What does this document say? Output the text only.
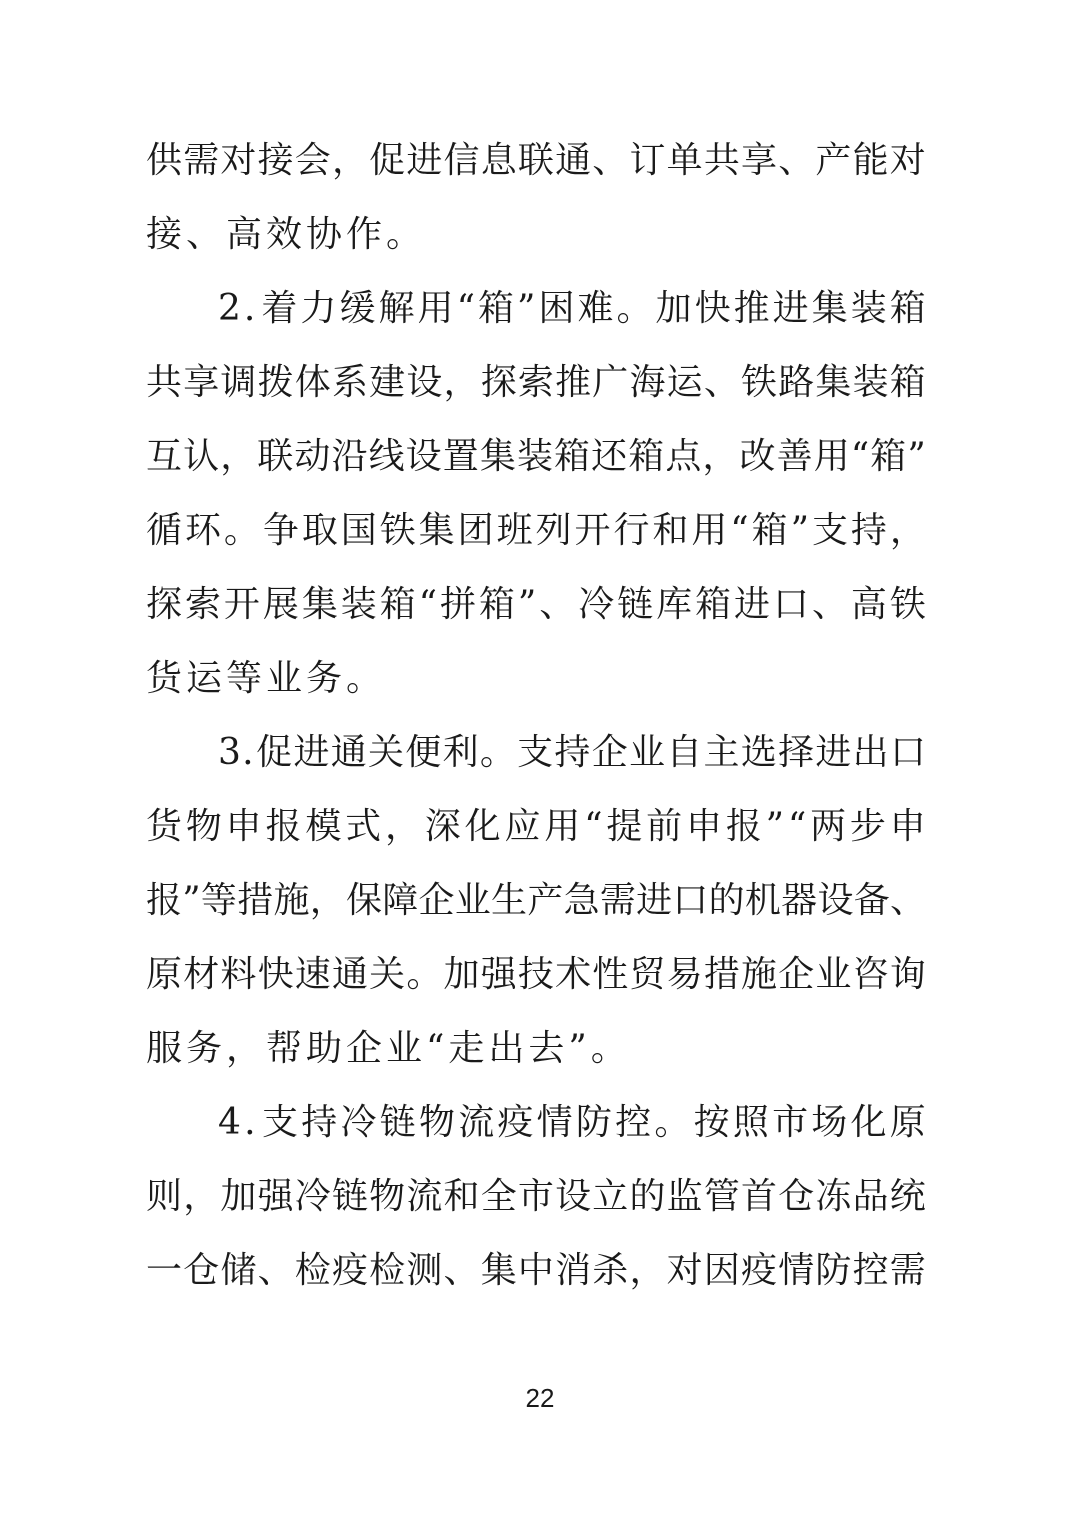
供 需 对 接 会 ， 促 进 信 息 联 通 、 订 单 共 享 、 产 能 对
接、高效协作。
2 . 着 力 缓 解 用 “ 箱 ” 困 难 。 加 快 推 进 集 装 箱
共 享 调 拨 体 系 建 设 ， 探 索 推 广 海 运 、 铁 路 集 装 箱
互 认 ， 联 动 沿 线 设 置 集 装 箱 还 箱 点 ， 改 善 用 “ 箱 ”
循 环 。 争 取 国 铁 集 团 班 列 开 行 和 用 “ 箱 ” 支 持 ，
探 索 开 展 集 装 箱 “ 拼 箱 ” 、 冷 链 库 箱 进 口 、 高 铁
货运等业务。
3 . 促 进 通 关 便 利 。 支 持 企 业 自 主 选 择 进 出 口
货 物 申 报 模 式 ， 深 化 应 用 “ 提 前 申 报 ” “ 两 步 申
报 ” 等 措 施 ， 保 障 企 业 生 产 急 需 进 口 的 机 器 设 备 、
原 材 料 快 速 通 关 。 加 强 技 术 性 贸 易 措 施 企 业 咨 询
服务，帮助企业“走出去”。
4 . 支 持 冷 链 物 流 疫 情 防 控 。 按 照 市 场 化 原
则 ， 加 强 冷 链 物 流 和 全 市 设 立 的 监 管 首 仓 冻 品 统
一 仓 储 、 检 疫 检 测 、 集 中 消 杀 ， 对 因 疫 情 防 控 需
22
